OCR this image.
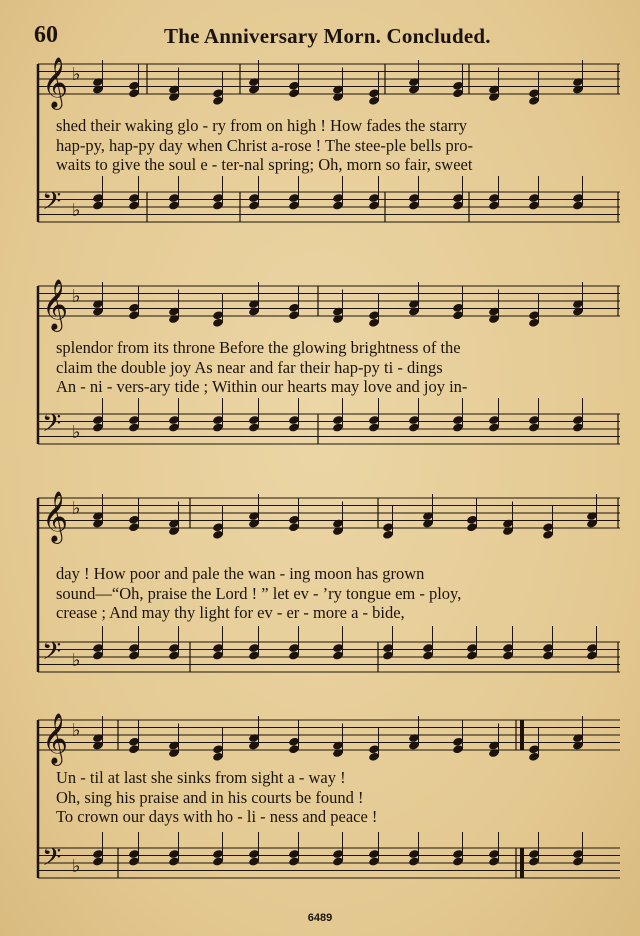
60	The Anniversary Morn. Concluded.
𝄞 ♭
𝄢 ♭
shed their waking glo - ry from on high ! How fades the starry
hap-py, hap-py day when Christ a-rose ! The stee-ple bells pro-
waits to give the soul e - ter-nal spring; Oh, morn so fair, sweet
𝄞 ♭
𝄢 ♭
splendor from its throne Before the glowing brightness of the
claim the double joy As near and far their hap-py ti - dings
An - ni - vers-ary tide ; Within our hearts may love and joy in-
𝄞 ♭
𝄢 ♭
day ! How poor and pale the wan - ing moon has grown
sound—“Oh, praise the Lord ! ” let ev - ’ry tongue em - ploy,
crease ; And may thy light for ev - er - more a - bide,
𝄞 ♭
𝄢 ♭
Un - til at last she sinks from sight a - way !
Oh, sing his praise and in his courts be found !
To crown our days with ho - li - ness and peace !
6489
